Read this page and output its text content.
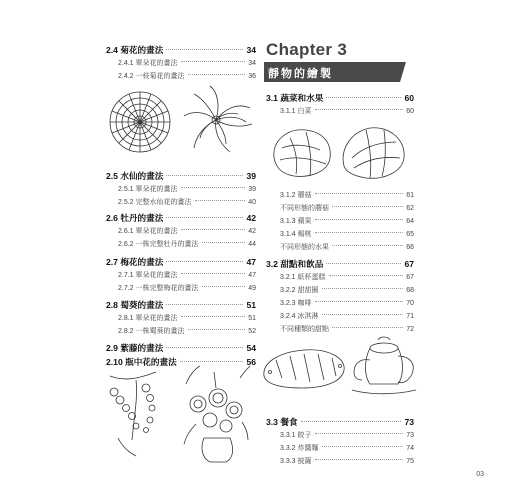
2.4 菊花的畫法	34
2.4.1 單朵花的畫法	34
2.4.2 一枝菊花的畫法	36
2.5 水仙的畫法	39
2.5.1 單朵花的畫法	39
2.5.2 完整水仙花的畫法	40
2.6 牡丹的畫法	42
2.6.1 單朵花的畫法	42
2.6.2 一株完整牡丹的畫法	44
2.7 梅花的畫法	47
2.7.1 單朵花的畫法	47
2.7.2 一株完整梅花的畫法	49
2.8 蜀葵的畫法	51
2.8.1 單朵花的畫法	51
2.8.2 一株蜀葵的畫法	52
2.9 紫藤的畫法	54
2.10 瓶中花的畫法	56
Chapter 3
靜物的繪製
3.1 蔬菜和水果	60
3.1.1 白菜	60
3.1.2 蘑菇	61
不同形態的蘑菇	62
3.1.3 蘋果	64
3.1.4 楊桃	65
不同形態的水果	66
3.2 甜點和飲品	67
3.2.1 紙杯蛋糕	67
3.2.2 甜甜圈	68
3.2.3 咖啡	70
3.2.4 冰淇淋	71
不同種類的甜點	72
3.3 餐食	73
3.3.1 餃子	73
3.3.2 炸醬麵	74
3.3.3 披薩	75
03
